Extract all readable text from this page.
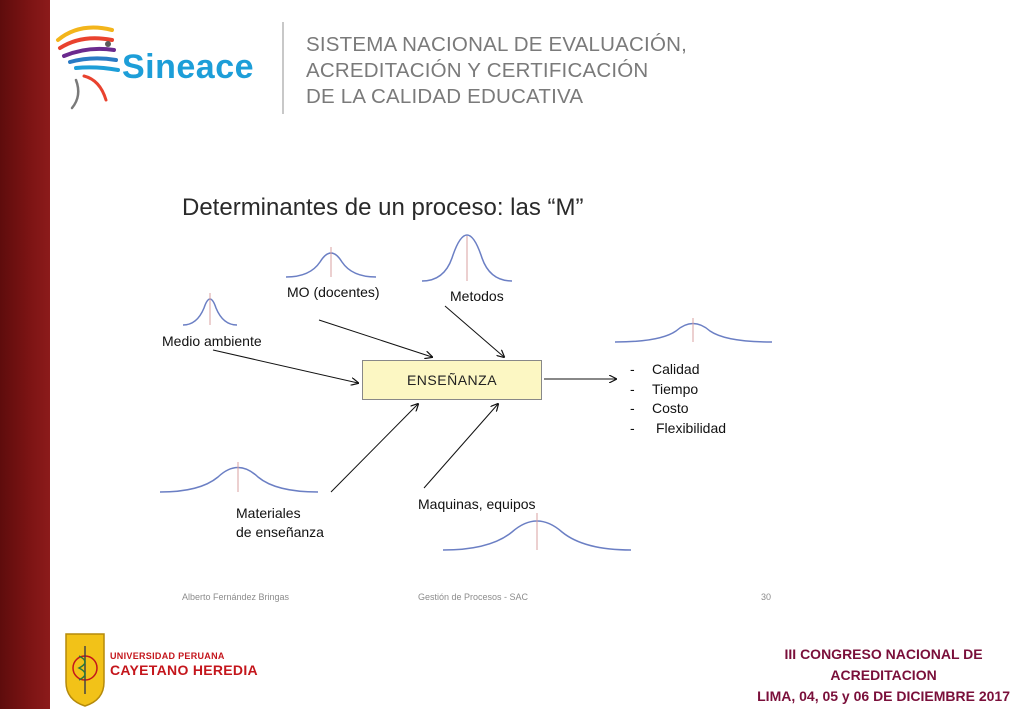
Sineace
SISTEMA NACIONAL DE EVALUACIÓN,
ACREDITACIÓN Y CERTIFICACIÓN
DE LA CALIDAD EDUCATIVA
Determinantes de un proceso: las “M”
Medio ambiente
MO (docentes)	Metodos
Materiales
de enseñanza
Maquinas, equipos
ENSEÑANZA
- Calidad
- Tiempo
- Costo
- Flexibilidad
Alberto Fernández Bringas	Gestión de Procesos - SAC	30
UNIVERSIDAD PERUANA
CAYETANO HEREDIA
III CONGRESO NACIONAL DE
ACREDITACION
LIMA, 04, 05 y 06 DE DICIEMBRE 2017
